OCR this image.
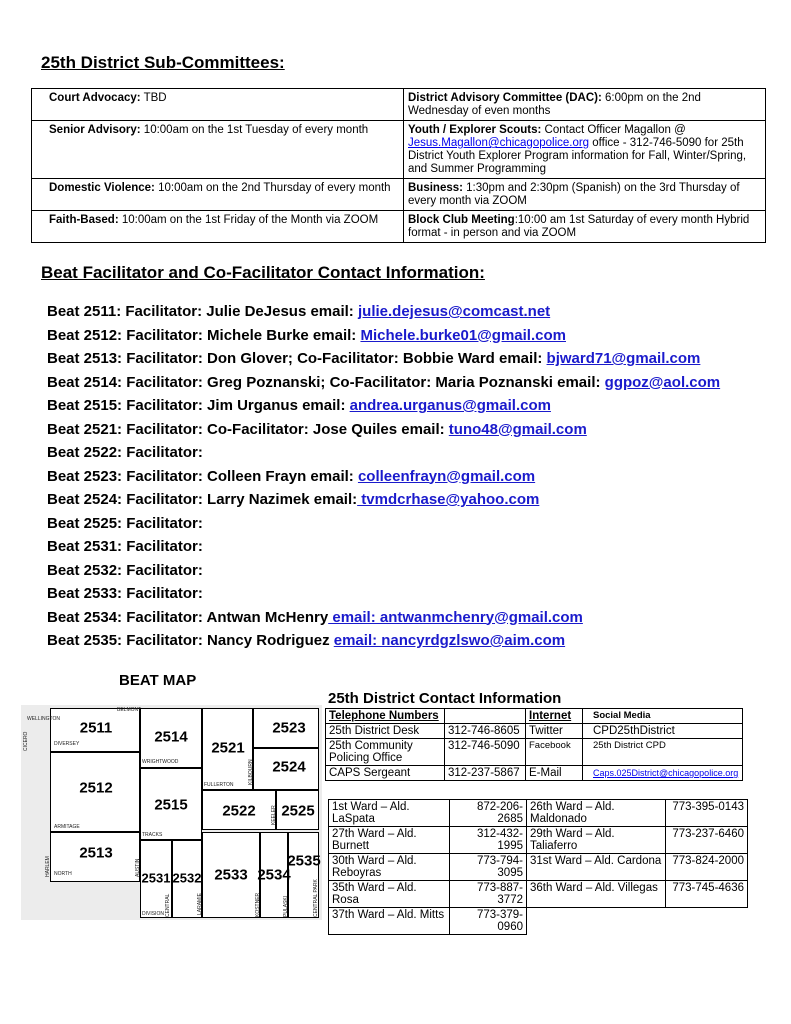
25th District Sub-Committees:
Court Advocacy: TBD	District Advisory Committee (DAC): 6:00pm on the 2nd Wednesday of even months
Senior Advisory: 10:00am on the 1st Tuesday of every month	Youth / Explorer Scouts: Contact Officer Magallon @ Jesus.Magallon@chicagopolice.org office - 312-746-5090 for 25th District Youth Explorer Program information for Fall, Winter/Spring, and Summer Programming
Domestic Violence: 10:00am on the 2nd Thursday of every month	Business: 1:30pm and 2:30pm (Spanish) on the 3rd Thursday of every month via ZOOM
Faith-Based: 10:00am on the 1st Friday of the Month via ZOOM	Block Club Meeting:10:00 am 1st Saturday of every month Hybrid format - in person and via ZOOM
Beat Facilitator and Co-Facilitator Contact Information:
Beat 2511: Facilitator: Julie DeJesus email: julie.dejesus@comcast.net
Beat 2512: Facilitator: Michele Burke email: Michele.burke01@gmail.com
Beat 2513: Facilitator: Don Glover; Co-Facilitator: Bobbie Ward email: bjward71@gmail.com
Beat 2514: Facilitator: Greg Poznanski; Co-Facilitator: Maria Poznanski email: ggpoz@aol.com
Beat 2515: Facilitator: Jim Urganus email: andrea.urganus@gmail.com
Beat 2521: Facilitator: Co-Facilitator: Jose Quiles email: tuno48@gmail.com
Beat 2522: Facilitator:
Beat 2523: Facilitator: Colleen Frayn email: colleenfrayn@gmail.com
Beat 2524: Facilitator: Larry Nazimek email: tvmdcrhase@yahoo.com
Beat 2525: Facilitator:
Beat 2531: Facilitator:
Beat 2532: Facilitator:
Beat 2533: Facilitator:
Beat 2534: Facilitator: Antwan McHenry email: antwanmchenry@gmail.com
Beat 2535: Facilitator: Nancy Rodriguez email: nancyrdgzlswo@aim.com
BEAT MAP
2511
2512
2513
2514
2515
2521
2522
2523
2524
2525
2531 2532 2533 2534
2535
WELLINGTON
BELMONT
DIVERSEY
CICERO
WRIGHTWOOD
FULLERTON	KILBOURN
KEELER
ARMITAGE
TRACKS
HARLEM NORTH	AUSTIN
DIVISION CENTRAL	LARAMIE	KOSTNER	PULASKI	CENTRAL PARK
25th District Contact Information
Telephone Numbers		Internet	Social Media
25th District Desk	312-746-8605	Twitter	CPD25thDistrict
25th Community Policing Office	312-746-5090	Facebook	25th District CPD
CAPS Sergeant	312-237-5867	E-Mail	Caps.025District@chicagopolice.org
1st Ward – Ald. LaSpata	872-206-2685	26th Ward – Ald. Maldonado	773-395-0143
27th Ward – Ald. Burnett	312-432-1995	29th Ward – Ald. Taliaferro	773-237-6460
30th Ward – Ald. Reboyras	773-794-3095	31st Ward – Ald. Cardona	773-824-2000
35th Ward – Ald. Rosa	773-887-3772	36th Ward – Ald. Villegas	773-745-4636
37th Ward – Ald. Mitts	773-379-0960		
